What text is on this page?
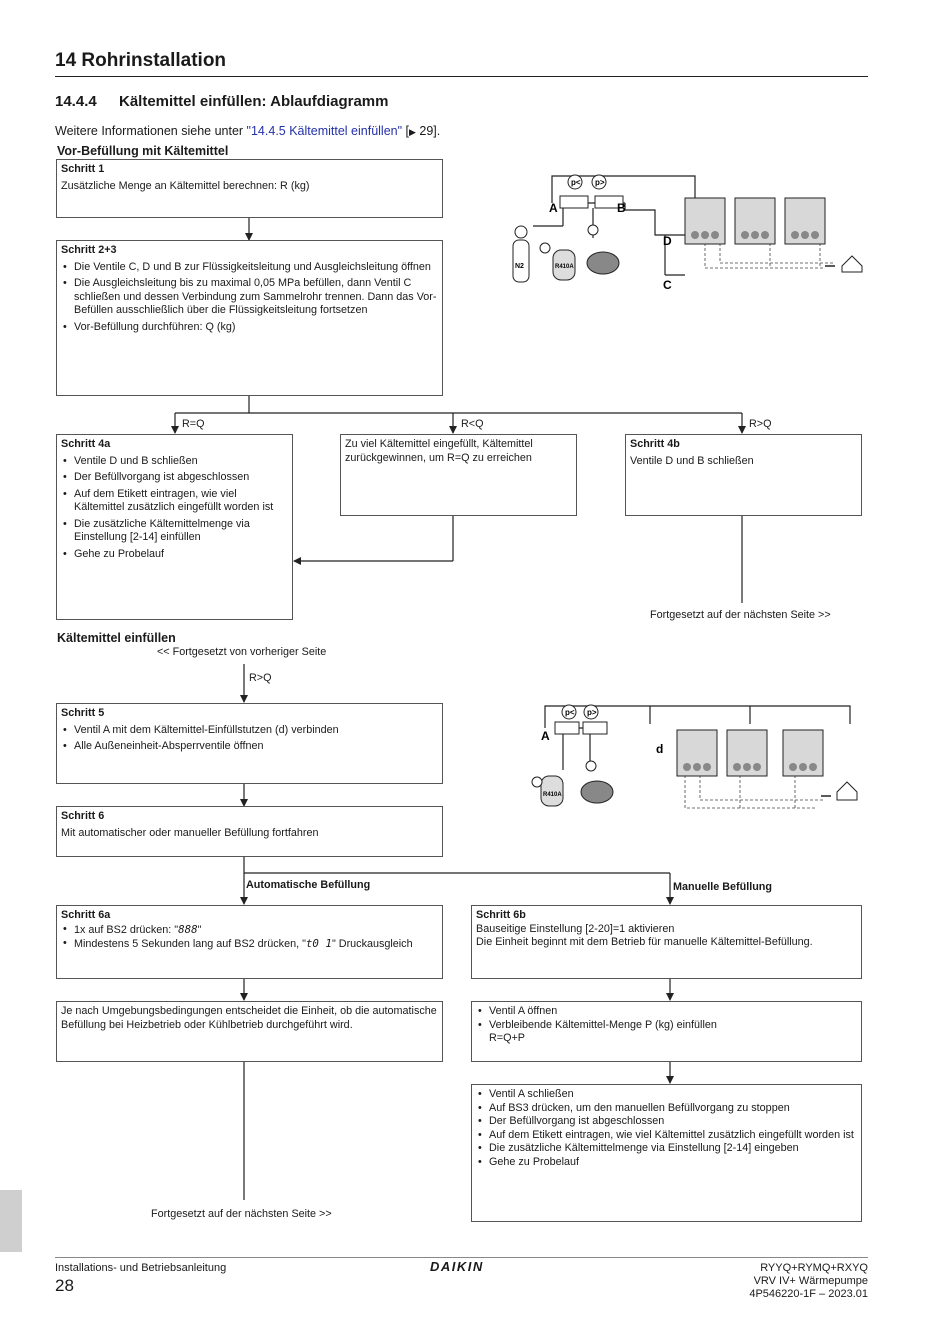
14 Rohrinstallation
14.4.4 Kältemittel einfüllen: Ablaufdiagramm
Weitere Informationen siehe unter "14.4.5 Kältemittel einfüllen" [▶ 29].
Vor-Befüllung mit Kältemittel
Schritt 1
Zusätzliche Menge an Kältemittel berechnen: R (kg)
Schritt 2+3
• Die Ventile C, D und B zur Flüssigkeitsleitung und Ausgleichsleitung öffnen
• Die Ausgleichsleitung bis zu maximal 0,05 MPa befüllen, dann Ventil C schließen und dessen Verbindung zum Sammelrohr trennen. Dann das Vor-Befüllen ausschließlich über die Flüssigkeitsleitung fortsetzen
• Vor-Befüllung durchführen: Q (kg)
R=Q	R<Q	R>Q
Schritt 4a
• Ventile D und B schließen
• Der Befüllvorgang ist abgeschlossen
• Auf dem Etikett eintragen, wie viel Kältemittel zusätzlich eingefüllt worden ist
• Die zusätzliche Kältemittelmenge via Einstellung [2-14] einfüllen
• Gehe zu Probelauf
Zu viel Kältemittel eingefüllt, Kältemittel zurückgewinnen, um R=Q zu erreichen
Schritt 4b
Ventile D und B schließen
Fortgesetzt auf der nächsten Seite >>
p< p>
A	B
D
C
N2	R410A
Kältemittel einfüllen
<< Fortgesetzt von vorheriger Seite
R>Q
Schritt 5
• Ventil A mit dem Kältemittel-Einfüllstutzen (d) verbinden
• Alle Außeneinheit-Absperrventile öffnen
Schritt 6
Mit automatischer oder manueller Befüllung fortfahren
Automatische Befüllung	Manuelle Befüllung
Schritt 6a
• 1x auf BS2 drücken: "888"
• Mindestens 5 Sekunden lang auf BS2 drücken, "t0 1" Druckausgleich
Je nach Umgebungsbedingungen entscheidet die Einheit, ob die automatische Befüllung bei Heizbetrieb oder Kühlbetrieb durchgeführt wird.
Schritt 6b
Bauseitige Einstellung [2-20]=1 aktivieren
Die Einheit beginnt mit dem Betrieb für manuelle Kältemittel-Befüllung.
• Ventil A öffnen
• Verbleibende Kältemittel-Menge P (kg) einfüllen
R=Q+P
• Ventil A schließen
• Auf BS3 drücken, um den manuellen Befüllvorgang zu stoppen
• Der Befüllvorgang ist abgeschlossen
• Auf dem Etikett eintragen, wie viel Kältemittel zusätzlich eingefüllt worden ist
• Die zusätzliche Kältemittelmenge via Einstellung [2-14] eingeben
• Gehe zu Probelauf
Fortgesetzt auf der nächsten Seite >>
p< p>
A
d
R410A
Installations- und Betriebsanleitung
28
DAIKIN	RYYQ+RYMQ+RXYQ
VRV IV+ Wärmepumpe
4P546220-1F – 2023.01
